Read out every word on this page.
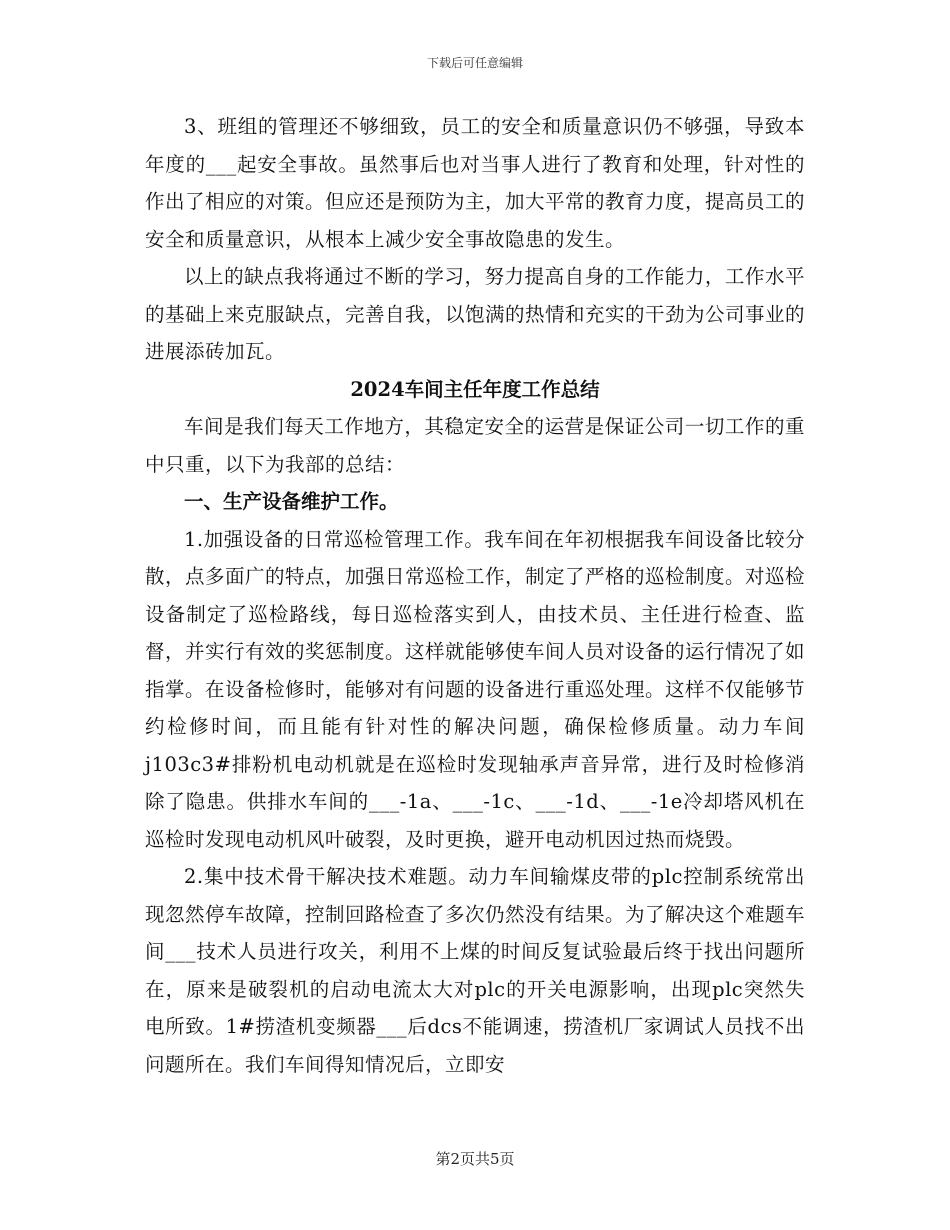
下载后可任意编辑

3、班组的管理还不够细致，员工的安全和质量意识仍不够强，导致本年度的___起安全事故。虽然事后也对当事人进行了教育和处理，针对性的作出了相应的对策。但应还是预防为主，加大平常的教育力度，提高员工的安全和质量意识，从根本上减少安全事故隐患的发生。

以上的缺点我将通过不断的学习，努力提高自身的工作能力，工作水平的基础上来克服缺点，完善自我，以饱满的热情和充实的干劲为公司事业的进展添砖加瓦。

2024车间主任年度工作总结

车间是我们每天工作地方，其稳定安全的运营是保证公司一切工作的重中只重，以下为我部的总结：

一、生产设备维护工作。

1.加强设备的日常巡检管理工作。我车间在年初根据我车间设备比较分散，点多面广的特点，加强日常巡检工作，制定了严格的巡检制度。对巡检设备制定了巡检路线，每日巡检落实到人，由技术员、主任进行检查、监督，并实行有效的奖惩制度。这样就能够使车间人员对设备的运行情况了如指掌。在设备检修时，能够对有问题的设备进行重巡处理。这样不仅能够节约检修时间，而且能有针对性的解决问题，确保检修质量。动力车间j103c3#排粉机电动机就是在巡检时发现轴承声音异常，进行及时检修消除了隐患。供排水车间的___-1a、___-1c、___-1d、___-1e冷却塔风机在巡检时发现电动机风叶破裂，及时更换，避开电动机因过热而烧毁。

2.集中技术骨干解决技术难题。动力车间输煤皮带的plc控制系统常出现忽然停车故障，控制回路检查了多次仍然没有结果。为了解决这个难题车间___技术人员进行攻关，利用不上煤的时间反复试验最后终于找出问题所在，原来是破裂机的启动电流太大对plc的开关电源影响，出现plc突然失电所致。1#捞渣机变频器___后dcs不能调速，捞渣机厂家调试人员找不出问题所在。我们车间得知情况后，立即安

第2页共5页
